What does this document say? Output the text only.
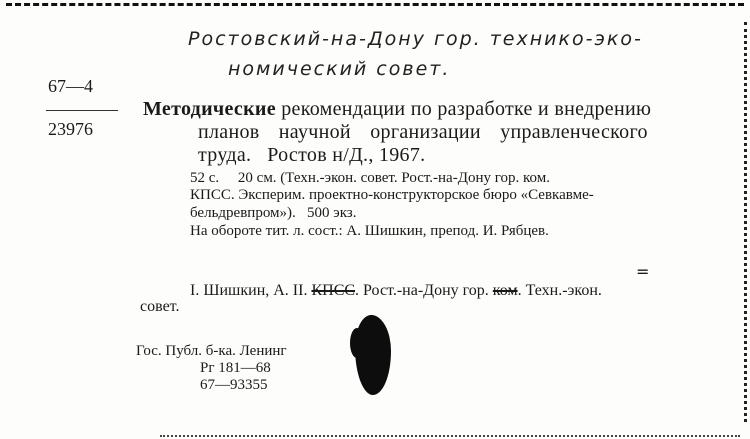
Ростовский-на-Дону гор. технико-эко-
номический совет.
67—4
23976
Методические рекомендации по разработке и внедрению
планов научной организации управленческого
труда.   Ростов н/Д., 1967.
52 с.     20 см. (Техн.-экон. совет. Рост.-на-Дону гор. ком.
КПСС. Эксперим. проектно-конструкторское бюро «Севкавме-
бельдревпром»).   500 экз.
На обороте тит. л. сост.: А. Шишкин, препод. И. Рябцев.
=
I. Шишкин, А. II. КПСС. Рост.-на-Дону гор. ком. Техн.-экон.
совет.
Гос. Публ. б-ка. Ленинг
Рг 181—68
67—93355
